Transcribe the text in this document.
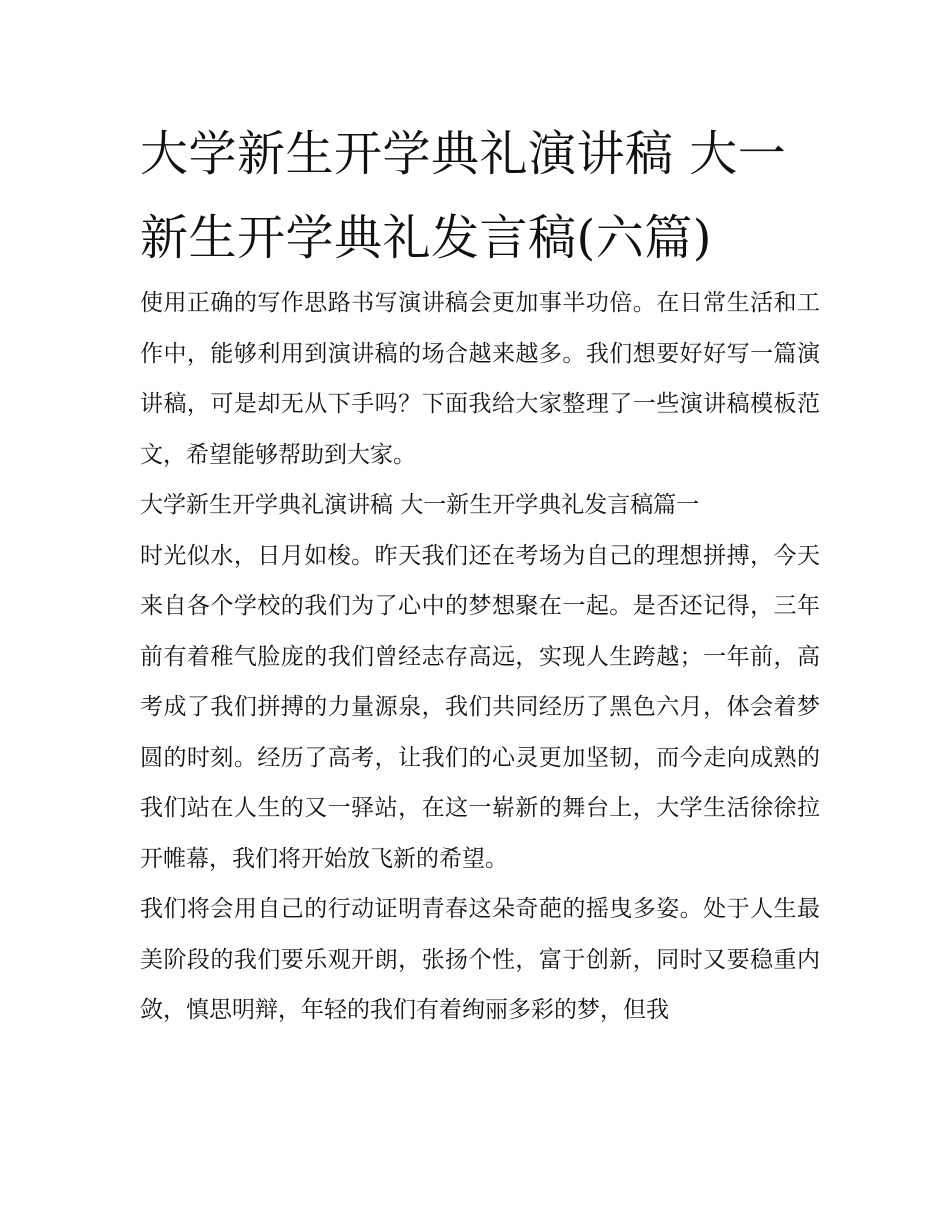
大学新生开学典礼演讲稿 大一新生开学典礼发言稿(六篇)

使用正确的写作思路书写演讲稿会更加事半功倍。在日常生活和工作中，能够利用到演讲稿的场合越来越多。我们想要好好写一篇演讲稿，可是却无从下手吗？下面我给大家整理了一些演讲稿模板范文，希望能够帮助到大家。

大学新生开学典礼演讲稿 大一新生开学典礼发言稿篇一

时光似水，日月如梭。昨天我们还在考场为自己的理想拼搏，今天来自各个学校的我们为了心中的梦想聚在一起。是否还记得，三年前有着稚气脸庞的我们曾经志存高远，实现人生跨越；一年前，高考成了我们拼搏的力量源泉，我们共同经历了黑色六月，体会着梦圆的时刻。经历了高考，让我们的心灵更加坚韧，而今走向成熟的我们站在人生的又一驿站，在这一崭新的舞台上，大学生活徐徐拉开帷幕，我们将开始放飞新的希望。

我们将会用自己的行动证明青春这朵奇葩的摇曳多姿。处于人生最美阶段的我们要乐观开朗，张扬个性，富于创新，同时又要稳重内敛，慎思明辩，年轻的我们有着绚丽多彩的梦，但我
